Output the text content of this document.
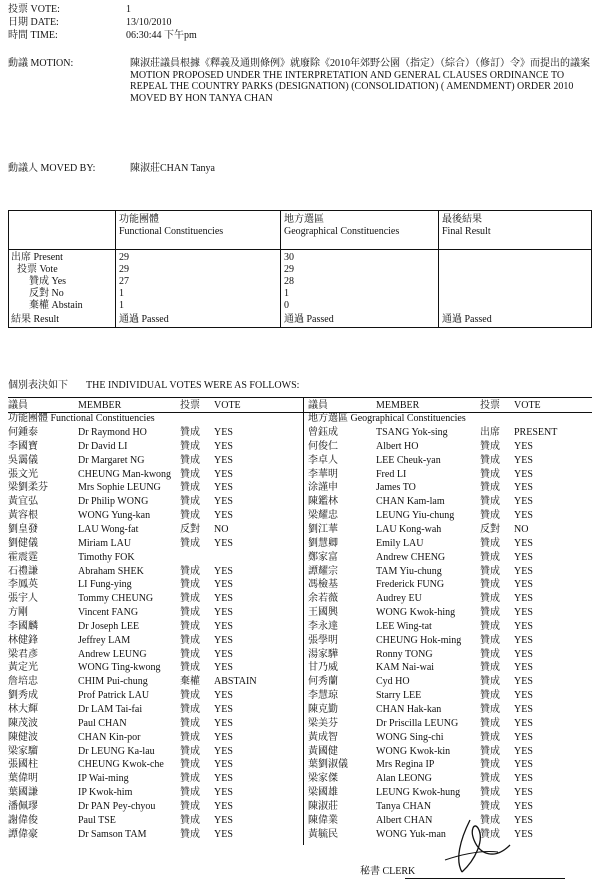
投票 VOTE:	1
日期 DATE:	13/10/2010
時間 TIME:	06:30:44 下午pm
動議 MOTION:	陳淑莊議員根據《釋義及通則條例》就廢除《2010年郊野公園（指定）（綜合）（修訂）令》而提出的議案
MOTION PROPOSED UNDER THE INTERPRETATION AND GENERAL CLAUSES ORDINANCE TO REPEAL THE COUNTRY PARKS (DESIGNATION) (CONSOLIDATION) ( AMENDMENT) ORDER 2010 MOVED BY HON TANYA CHAN
動議人 MOVED BY:	陳淑莊CHAN Tanya
功能團體
Functional Constituencies
地方選區
Geographical Constituencies
最後結果
Final Result
出席 Present	29	30
投票 Vote	29	29
贊成 Yes	27	28
反對 No	1	1
棄權 Abstain	1	0
結果 Result	通過 Passed	通過 Passed	通過 Passed
個別表決如下 THE INDIVIDUAL VOTES WERE AS FOLLOWS:
議員	MEMBER	投票 VOTE
功能團體 Functional Constituencies
何鍾泰	Dr Raymond HO	贊成 YES
李國寶	Dr David LI	贊成 YES
吳靄儀	Dr Margaret NG	贊成 YES
張文光	CHEUNG Man-kwong 贊成 YES
梁劉柔芬	Mrs Sophie LEUNG 贊成 YES
黃宜弘	Dr Philip WONG	贊成 YES
黃容根	WONG Yung-kan	贊成 YES
劉皇發	LAU Wong-fat	反對 NO
劉健儀	Miriam LAU	贊成 YES
霍震霆	Timothy FOK
石禮謙	Abraham SHEK	贊成 YES
李鳳英	LI Fung-ying	贊成 YES
張宇人	Tommy CHEUNG	贊成 YES
方剛	Vincent FANG	贊成 YES
李國麟	Dr Joseph LEE	贊成 YES
林健鋒	Jeffrey LAM	贊成 YES
梁君彥	Andrew LEUNG	贊成 YES
黃定光	WONG Ting-kwong 贊成 YES
詹培忠	CHIM Pui-chung	棄權 ABSTAIN
劉秀成	Prof Patrick LAU	贊成 YES
林大輝	Dr LAM Tai-fai	贊成 YES
陳茂波	Paul CHAN	贊成 YES
陳健波	CHAN Kin-por	贊成 YES
梁家騮	Dr LEUNG Ka-lau	贊成 YES
張國柱	CHEUNG Kwok-che 贊成 YES
葉偉明	IP Wai-ming	贊成 YES
葉國謙	IP Kwok-him	贊成 YES
潘佩璆	Dr PAN Pey-chyou 贊成 YES
謝偉俊	Paul TSE	贊成 YES
譚偉豪	Dr Samson TAM	贊成 YES
議員	MEMBER	投票 VOTE
地方選區 Geographical Constituencies
曾鈺成	TSANG Yok-sing	出席 PRESENT
何俊仁	Albert HO	贊成 YES
李卓人	LEE Cheuk-yan	贊成 YES
李華明	Fred LI	贊成 YES
涂謹申	James TO	贊成 YES
陳鑑林	CHAN Kam-lam	贊成 YES
梁耀忠	LEUNG Yiu-chung	贊成 YES
劉江華	LAU Kong-wah	反對 NO
劉慧卿	Emily LAU	贊成 YES
鄭家富	Andrew CHENG	贊成 YES
譚耀宗	TAM Yiu-chung	贊成 YES
馮檢基	Frederick FUNG	贊成 YES
余若薇	Audrey EU	贊成 YES
王國興	WONG Kwok-hing 贊成 YES
李永達	LEE Wing-tat	贊成 YES
張學明	CHEUNG Hok-ming 贊成 YES
湯家驊	Ronny TONG	贊成 YES
甘乃威	KAM Nai-wai	贊成 YES
何秀蘭	Cyd HO	贊成 YES
李慧琼	Starry LEE	贊成 YES
陳克勤	CHAN Hak-kan	贊成 YES
梁美芬	Dr Priscilla LEUNG 贊成 YES
黃成智	WONG Sing-chi	贊成 YES
黃國健	WONG Kwok-kin	贊成 YES
葉劉淑儀	Mrs Regina IP	贊成 YES
梁家傑	Alan LEONG	贊成 YES
梁國雄	LEUNG Kwok-hung 贊成 YES
陳淑莊	Tanya CHAN	贊成 YES
陳偉業	Albert CHAN	贊成 YES
黃毓民	WONG Yuk-man	贊成 YES
秘書 CLERK
